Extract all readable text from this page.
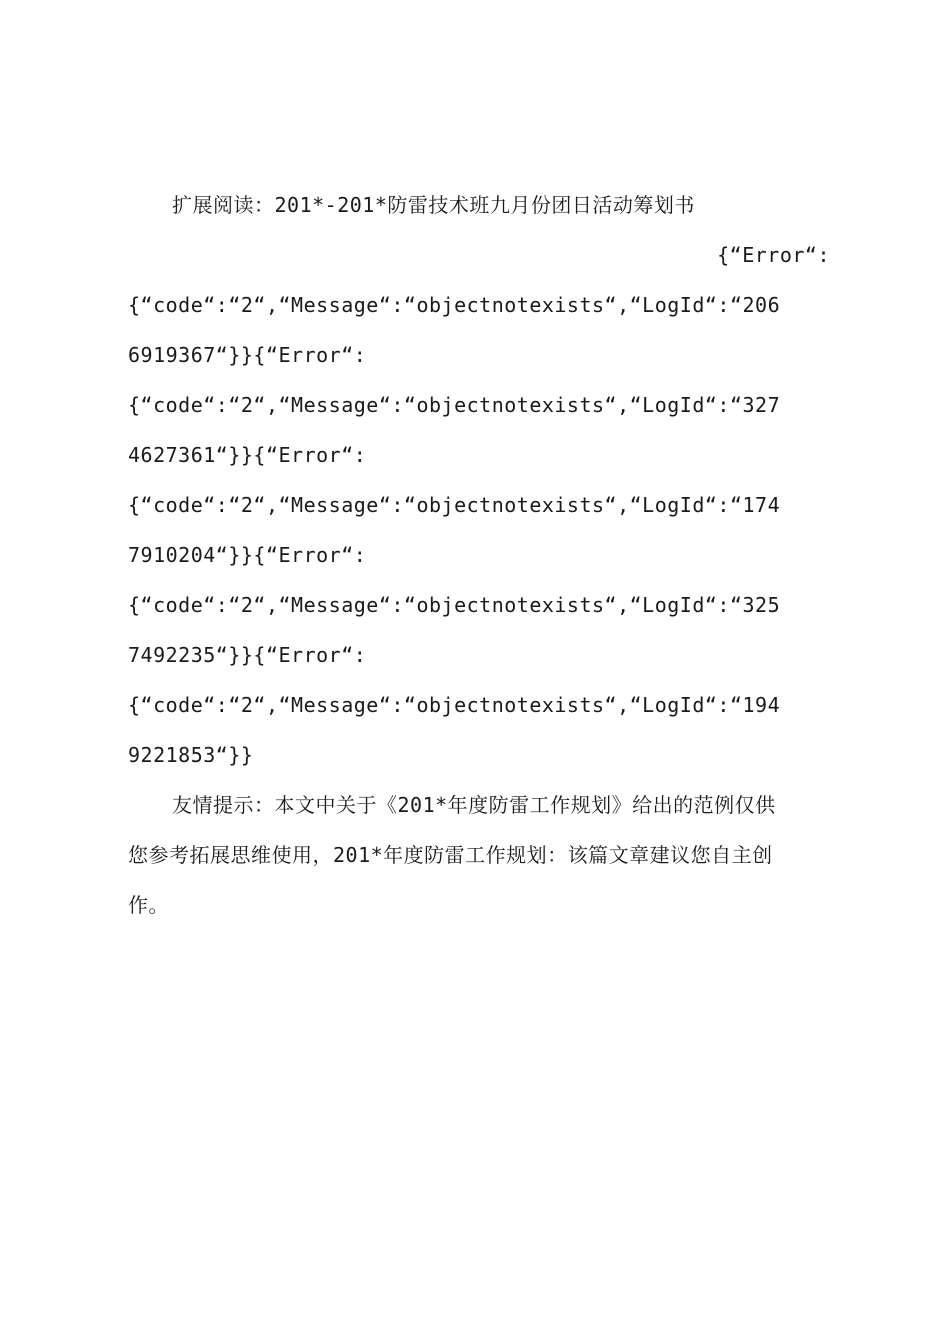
扩展阅读：201*-201*防雷技术班九月份团日活动筹划书
{“Error“:
{“code“:“2“,“Message“:“objectnotexists“,“LogId“:“206
6919367“}}{“Error“:
{“code“:“2“,“Message“:“objectnotexists“,“LogId“:“327
4627361“}}{“Error“:
{“code“:“2“,“Message“:“objectnotexists“,“LogId“:“174
7910204“}}{“Error“:
{“code“:“2“,“Message“:“objectnotexists“,“LogId“:“325
7492235“}}{“Error“:
{“code“:“2“,“Message“:“objectnotexists“,“LogId“:“194
9221853“}}
友情提示：本文中关于《201*年度防雷工作规划》给出的范例仅供
您参考拓展思维使用，201*年度防雷工作规划：该篇文章建议您自主创
作。
